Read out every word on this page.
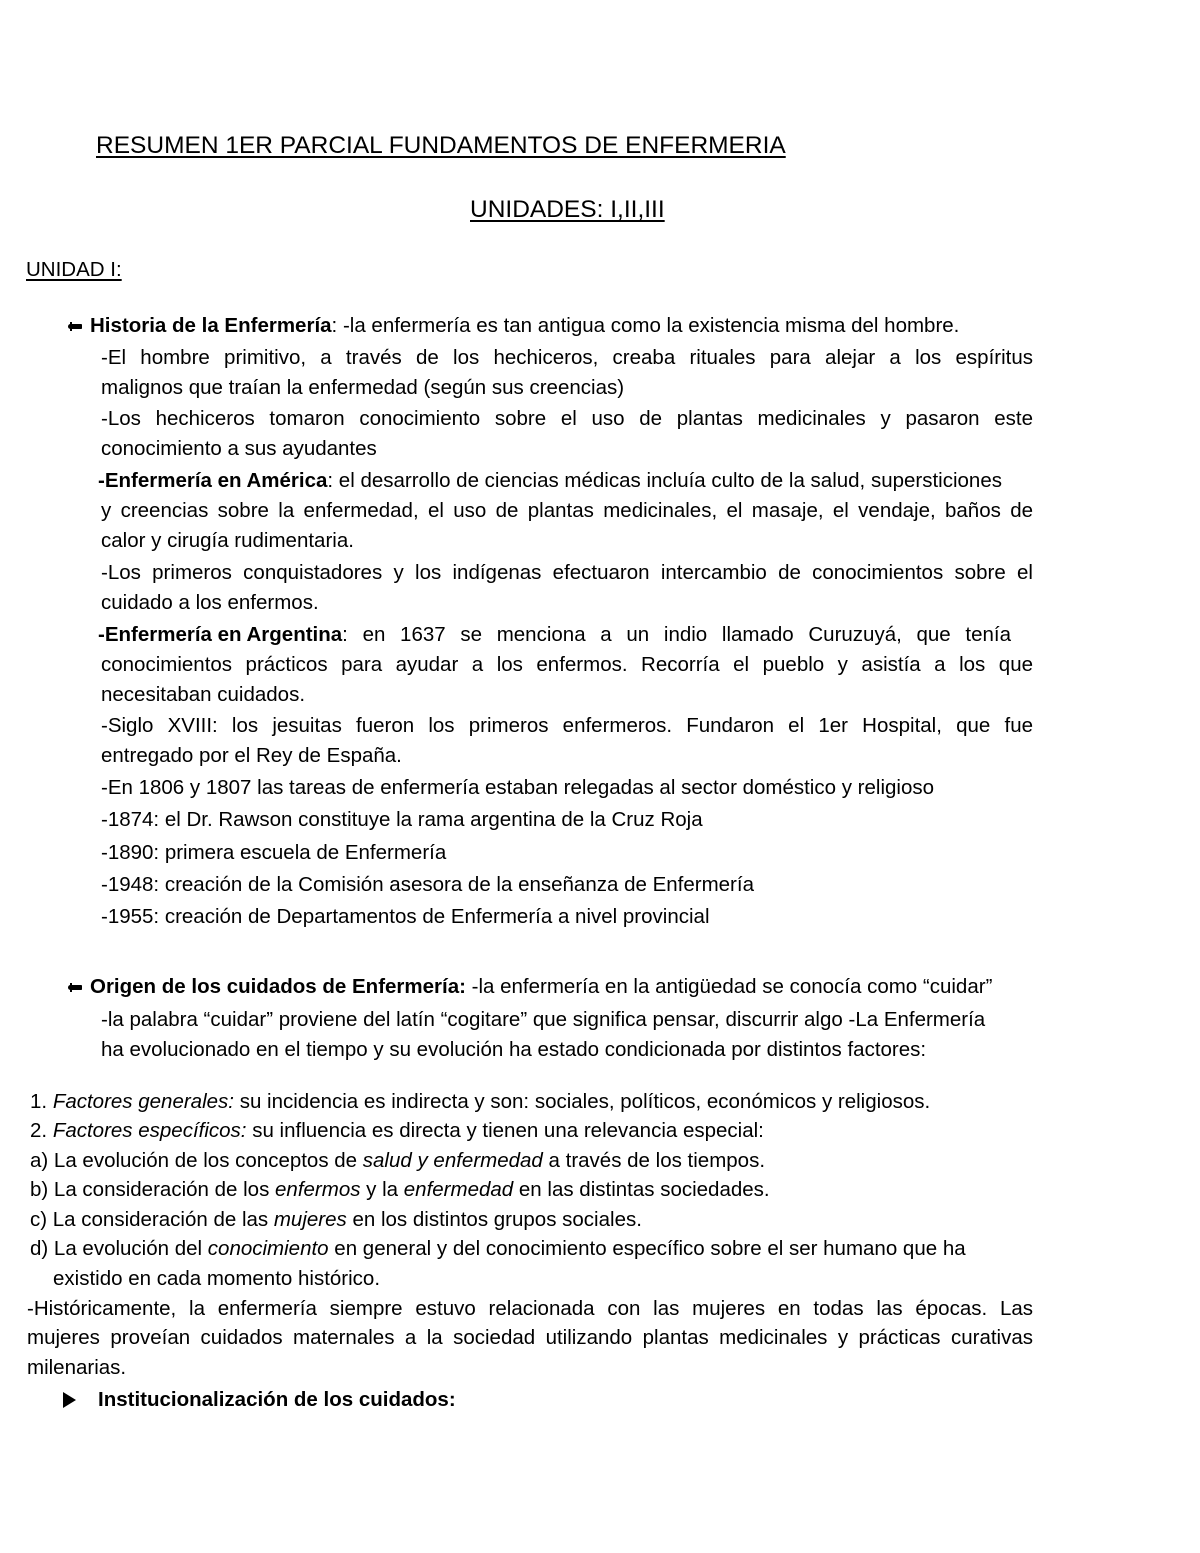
RESUMEN 1ER PARCIAL FUNDAMENTOS DE ENFERMERIA
UNIDADES: I,II,III
UNIDAD I:
Historia de la Enfermería: -la enfermería es tan antigua como la existencia misma del hombre.
-El hombre primitivo, a través de los hechiceros, creaba rituales para alejar a los espíritus
malignos que traían la enfermedad (según sus creencias)
-Los hechiceros tomaron conocimiento sobre el uso de plantas medicinales y pasaron este
conocimiento a sus ayudantes
-Enfermería en América: el desarrollo de ciencias médicas incluía culto de la salud, supersticiones
y creencias sobre la enfermedad, el uso de plantas medicinales, el masaje, el vendaje, baños de
calor y cirugía rudimentaria.
-Los primeros conquistadores y los indígenas efectuaron intercambio de conocimientos sobre el
cuidado a los enfermos.
-Enfermería en Argentina: en 1637 se menciona a un indio llamado Curuzuyá, que tenía
conocimientos prácticos para ayudar a los enfermos. Recorría el pueblo y asistía a los que
necesitaban cuidados.
-Siglo XVIII: los jesuitas fueron los primeros enfermeros. Fundaron el 1er Hospital, que fue
entregado por el Rey de España.
-En 1806 y 1807 las tareas de enfermería estaban relegadas al sector doméstico y religioso
-1874: el Dr. Rawson constituye la rama argentina de la Cruz Roja
-1890: primera escuela de Enfermería
-1948: creación de la Comisión asesora de la enseñanza de Enfermería
-1955: creación de Departamentos de Enfermería a nivel provincial
Origen de los cuidados de Enfermería: -la enfermería en la antigüedad se conocía como “cuidar”
-la palabra “cuidar” proviene del latín “cogitare” que significa pensar, discurrir algo -La Enfermería
ha evolucionado en el tiempo y su evolución ha estado condicionada por distintos factores:
1. Factores generales: su incidencia es indirecta y son: sociales, políticos, económicos y religiosos.
2. Factores específicos: su influencia es directa y tienen una relevancia especial:
a) La evolución de los conceptos de salud y enfermedad a través de los tiempos.
b) La consideración de los enfermos y la enfermedad en las distintas sociedades.
c) La consideración de las mujeres en los distintos grupos sociales.
d) La evolución del conocimiento en general y del conocimiento específico sobre el ser humano que ha
existido en cada momento histórico.
-Históricamente, la enfermería siempre estuvo relacionada con las mujeres en todas las épocas. Las
mujeres proveían cuidados maternales a la sociedad utilizando plantas medicinales y prácticas curativas
milenarias.
Institucionalización de los cuidados:
